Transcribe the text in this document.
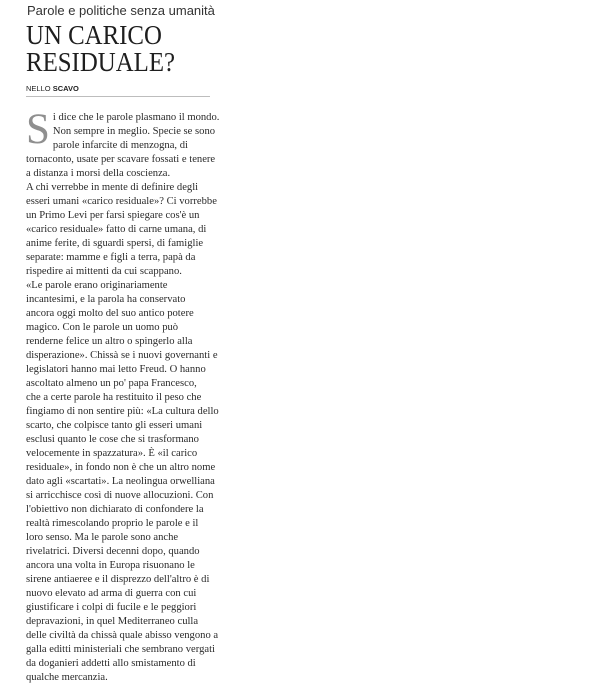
Parole e politiche senza umanità
UN CARICO
RESIDUALE?
NELLO SCAVO
S i dice che le parole plasmano il mondo.

Non sempre in meglio. Specie se sono

parole infarcite di menzogna, di

tornaconto, usate per scavare fossati e tenere

a distanza i morsi della coscienza.

A chi verrebbe in mente di definire degli

esseri umani «carico residuale»? Ci vorrebbe

un Primo Levi per farsi spiegare cos'è un

«carico residuale» fatto di carne umana, di

anime ferite, di sguardi spersi, di famiglie

separate: mamme e figli a terra, papà da

rispedire ai mittenti da cui scappano.

«Le parole erano originariamente

incantesimi, e la parola ha conservato

ancora oggi molto del suo antico potere

magico. Con le parole un uomo può

renderne felice un altro o spingerlo alla

disperazione». Chissà se i nuovi governanti e

legislatori hanno mai letto Freud. O hanno

ascoltato almeno un po' papa Francesco,

che a certe parole ha restituito il peso che

fingiamo di non sentire più: «La cultura dello

scarto, che colpisce tanto gli esseri umani

esclusi quanto le cose che si trasformano

velocemente in spazzatura». È «il carico

residuale», in fondo non è che un altro nome

dato agli «scartati». La neolingua orwelliana

si arricchisce così di nuove allocuzioni. Con

l'obiettivo non dichiarato di confondere la

realtà rimescolando proprio le parole e il

loro senso. Ma le parole sono anche

rivelatrici. Diversi decenni dopo, quando

ancora una volta in Europa risuonano le

sirene antiaeree e il disprezzo dell'altro è di

nuovo elevato ad arma di guerra con cui

giustificare i colpi di fucile e le peggiori

depravazioni, in quel Mediterraneo culla

delle civiltà da chissà quale abisso vengono a

galla editti ministeriali che sembrano vergati

da doganieri addetti allo smistamento di

qualche mercanzia.
